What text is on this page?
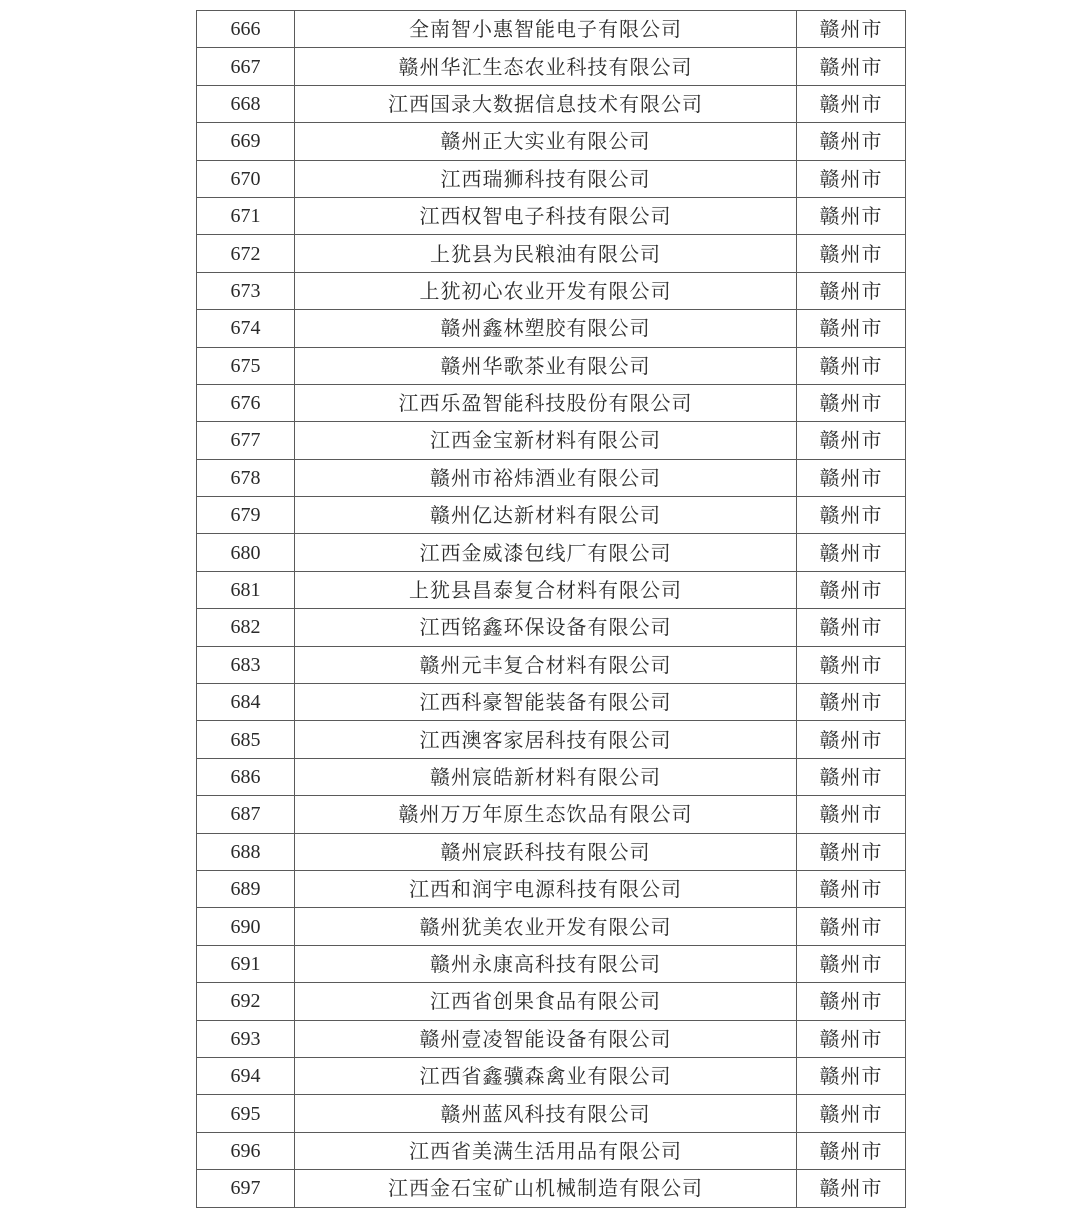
666	全南智小惠智能电子有限公司	赣州市
667	赣州华汇生态农业科技有限公司	赣州市
668	江西国录大数据信息技术有限公司	赣州市
669	赣州正大实业有限公司	赣州市
670	江西瑞狮科技有限公司	赣州市
671	江西权智电子科技有限公司	赣州市
672	上犹县为民粮油有限公司	赣州市
673	上犹初心农业开发有限公司	赣州市
674	赣州鑫林塑胶有限公司	赣州市
675	赣州华歌茶业有限公司	赣州市
676	江西乐盈智能科技股份有限公司	赣州市
677	江西金宝新材料有限公司	赣州市
678	赣州市裕炜酒业有限公司	赣州市
679	赣州亿达新材料有限公司	赣州市
680	江西金威漆包线厂有限公司	赣州市
681	上犹县昌泰复合材料有限公司	赣州市
682	江西铭鑫环保设备有限公司	赣州市
683	赣州元丰复合材料有限公司	赣州市
684	江西科豪智能装备有限公司	赣州市
685	江西澳客家居科技有限公司	赣州市
686	赣州宸皓新材料有限公司	赣州市
687	赣州万万年原生态饮品有限公司	赣州市
688	赣州宸跃科技有限公司	赣州市
689	江西和润宇电源科技有限公司	赣州市
690	赣州犹美农业开发有限公司	赣州市
691	赣州永康高科技有限公司	赣州市
692	江西省创果食品有限公司	赣州市
693	赣州壹凌智能设备有限公司	赣州市
694	江西省鑫骥森禽业有限公司	赣州市
695	赣州蓝风科技有限公司	赣州市
696	江西省美满生活用品有限公司	赣州市
697	江西金石宝矿山机械制造有限公司	赣州市
